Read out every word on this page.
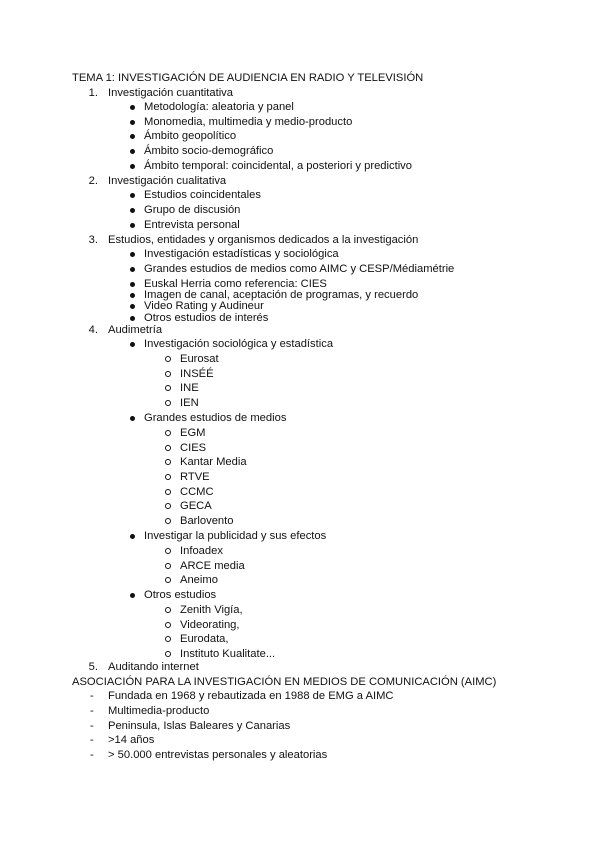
TEMA 1: INVESTIGACIÓN DE AUDIENCIA EN RADIO Y TELEVISIÓN
1. Investigación cuantitativa
Metodología: aleatoria y panel
Monomedia, multimedia y medio-producto
Ámbito geopolítico
Ámbito socio-demográfico
Ámbito temporal: coincidental, a posteriori y predictivo
2. Investigación cualitativa
Estudios coincidentales
Grupo de discusión
Entrevista personal
3. Estudios, entidades y organismos dedicados a la investigación
Investigación estadísticas y sociológica
Grandes estudios de medios como AIMC y CESP/Médiamétrie
Euskal Herria como referencia: CIES
Imagen de canal, aceptación de programas, y recuerdo
Video Rating y Audineur
Otros estudios de interés
4. Audimetría
Investigación sociológica y estadística
Eurosat
INSÉÉ
INE
IEN
Grandes estudios de medios
EGM
CIES
Kantar Media
RTVE
CCMC
GECA
Barlovento
Investigar la publicidad y sus efectos
Infoadex
ARCE media
Aneimo
Otros estudios
Zenith Vigía,
Videorating,
Eurodata,
Instituto Kualitate...
5. Auditando internet
ASOCIACIÓN PARA LA INVESTIGACIÓN EN MEDIOS DE COMUNICACIÓN (AIMC)
- Fundada en 1968 y rebautizada en 1988 de EMG a AIMC
- Multimedia-producto
- Peninsula, Islas Baleares y Canarias
- >14 años
- > 50.000 entrevistas personales y aleatorias
